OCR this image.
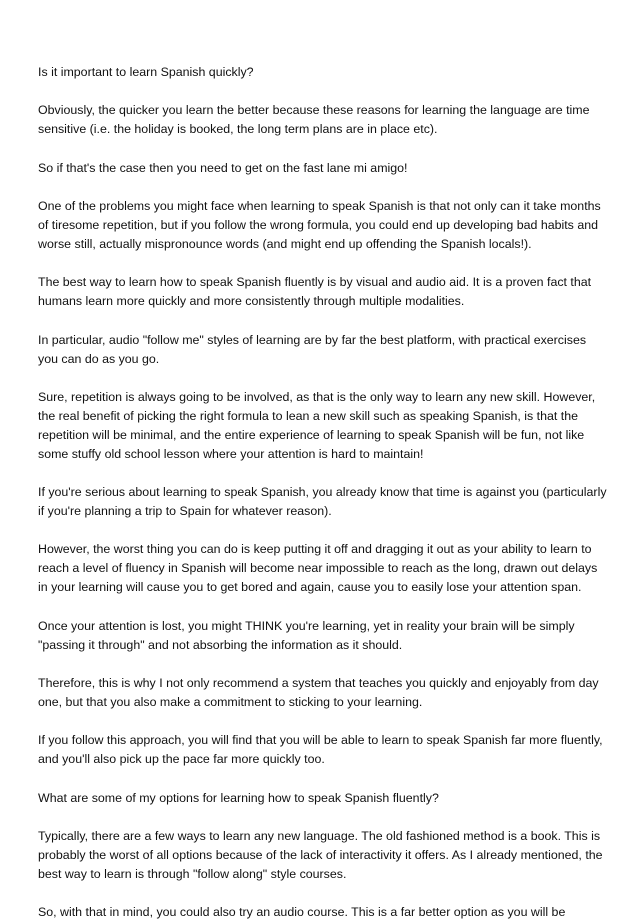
Is it important to learn Spanish quickly?

Obviously, the quicker you learn the better because these reasons for learning the language are time sensitive (i.e. the holiday is booked, the long term plans are in place etc).

So if that's the case then you need to get on the fast lane mi amigo!

One of the problems you might face when learning to speak Spanish is that not only can it take months of tiresome repetition, but if you follow the wrong formula, you could end up developing bad habits and worse still, actually mispronounce words (and might end up offending the Spanish locals!).

The best way to learn how to speak Spanish fluently is by visual and audio aid. It is a proven fact that humans learn more quickly and more consistently through multiple modalities.

In particular, audio "follow me" styles of learning are by far the best platform, with practical exercises you can do as you go.

Sure, repetition is always going to be involved, as that is the only way to learn any new skill. However, the real benefit of picking the right formula to lean a new skill such as speaking Spanish, is that the repetition will be minimal, and the entire experience of learning to speak Spanish will be fun, not like some stuffy old school lesson where your attention is hard to maintain!

If you're serious about learning to speak Spanish, you already know that time is against you (particularly if you're planning a trip to Spain for whatever reason).

However, the worst thing you can do is keep putting it off and dragging it out as your ability to learn to reach a level of fluency in Spanish will become near impossible to reach as the long, drawn out delays in your learning will cause you to get bored and again, cause you to easily lose your attention span.

Once your attention is lost, you might THINK you're learning, yet in reality your brain will be simply "passing it through" and not absorbing the information as it should.

Therefore, this is why I not only recommend a system that teaches you quickly and enjoyably from day one, but that you also make a commitment to sticking to your learning.

If you follow this approach, you will find that you will be able to learn to speak Spanish far more fluently, and you'll also pick up the pace far more quickly too.

What are some of my options for learning how to speak Spanish fluently?

Typically, there are a few ways to learn any new language. The old fashioned method is a book. This is probably the worst of all options because of the lack of interactivity it offers. As I already mentioned, the best way to learn is through "follow along" style courses.

So, with that in mind, you could also try an audio course. This is a far better option as you will be
